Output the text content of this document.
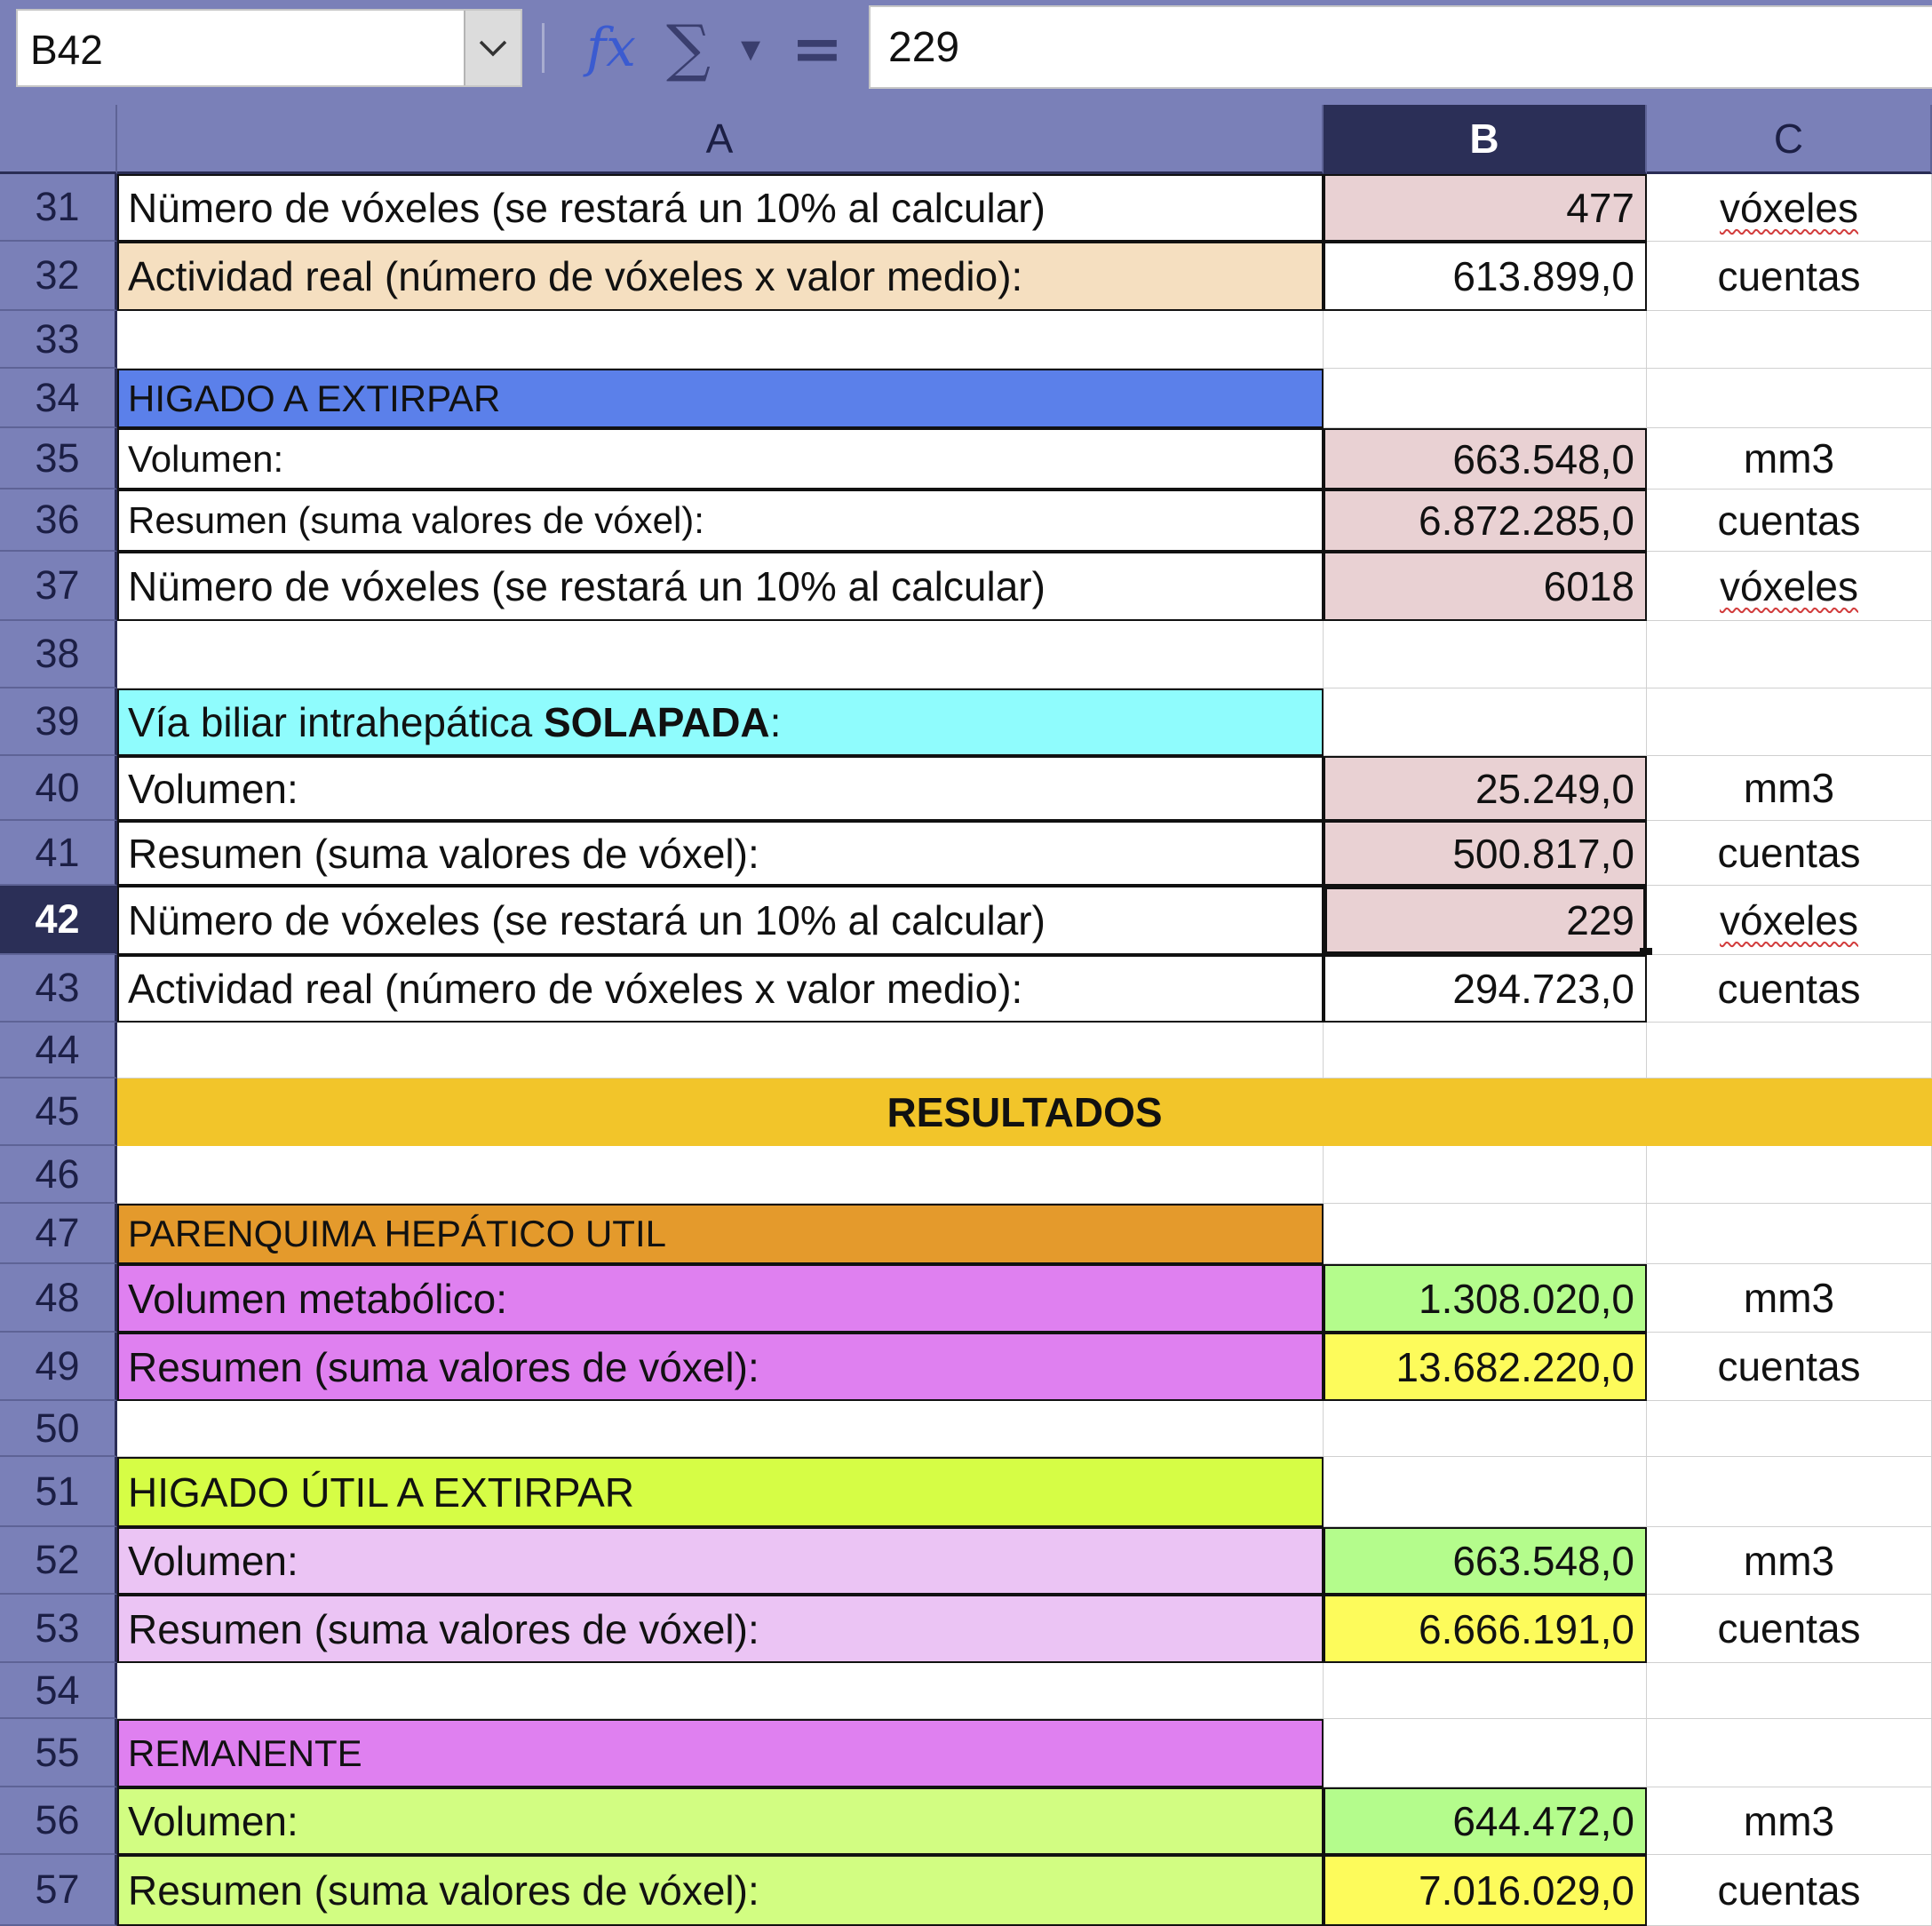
B42	𝑓x ∑ ▾ = 229
A	B	C
31	Nümero de vóxeles (se restará un 10% al calcular)	477	vóxeles
32	Actividad real (número de vóxeles x valor medio):	613.899,0	cuentas
33
34	HIGADO A EXTIRPAR
35	Volumen:	663.548,0	mm3
36	Resumen (suma valores de vóxel):	6.872.285,0	cuentas
37	Nümero de vóxeles (se restará un 10% al calcular)	6018	vóxeles
38
39	Vía biliar intrahepática SOLAPADA :
40	Volumen:	25.249,0	mm3
41	Resumen (suma valores de vóxel):	500.817,0	cuentas
42	Nümero de vóxeles (se restará un 10% al calcular)	229	vóxeles
43	Actividad real (número de vóxeles x valor medio):	294.723,0	cuentas
44
45	RESULTADOS
46
47	PARENQUIMA HEPÁTICO UTIL
48	Volumen metabólico:	1.308.020,0	mm3
49	Resumen (suma valores de vóxel):	13.682.220,0	cuentas
50
51	HIGADO ÚTIL A EXTIRPAR
52	Volumen:	663.548,0	mm3
53	Resumen (suma valores de vóxel):	6.666.191,0	cuentas
54
55	REMANENTE
56	Volumen:	644.472,0	mm3
57	Resumen (suma valores de vóxel):	7.016.029,0	cuentas
